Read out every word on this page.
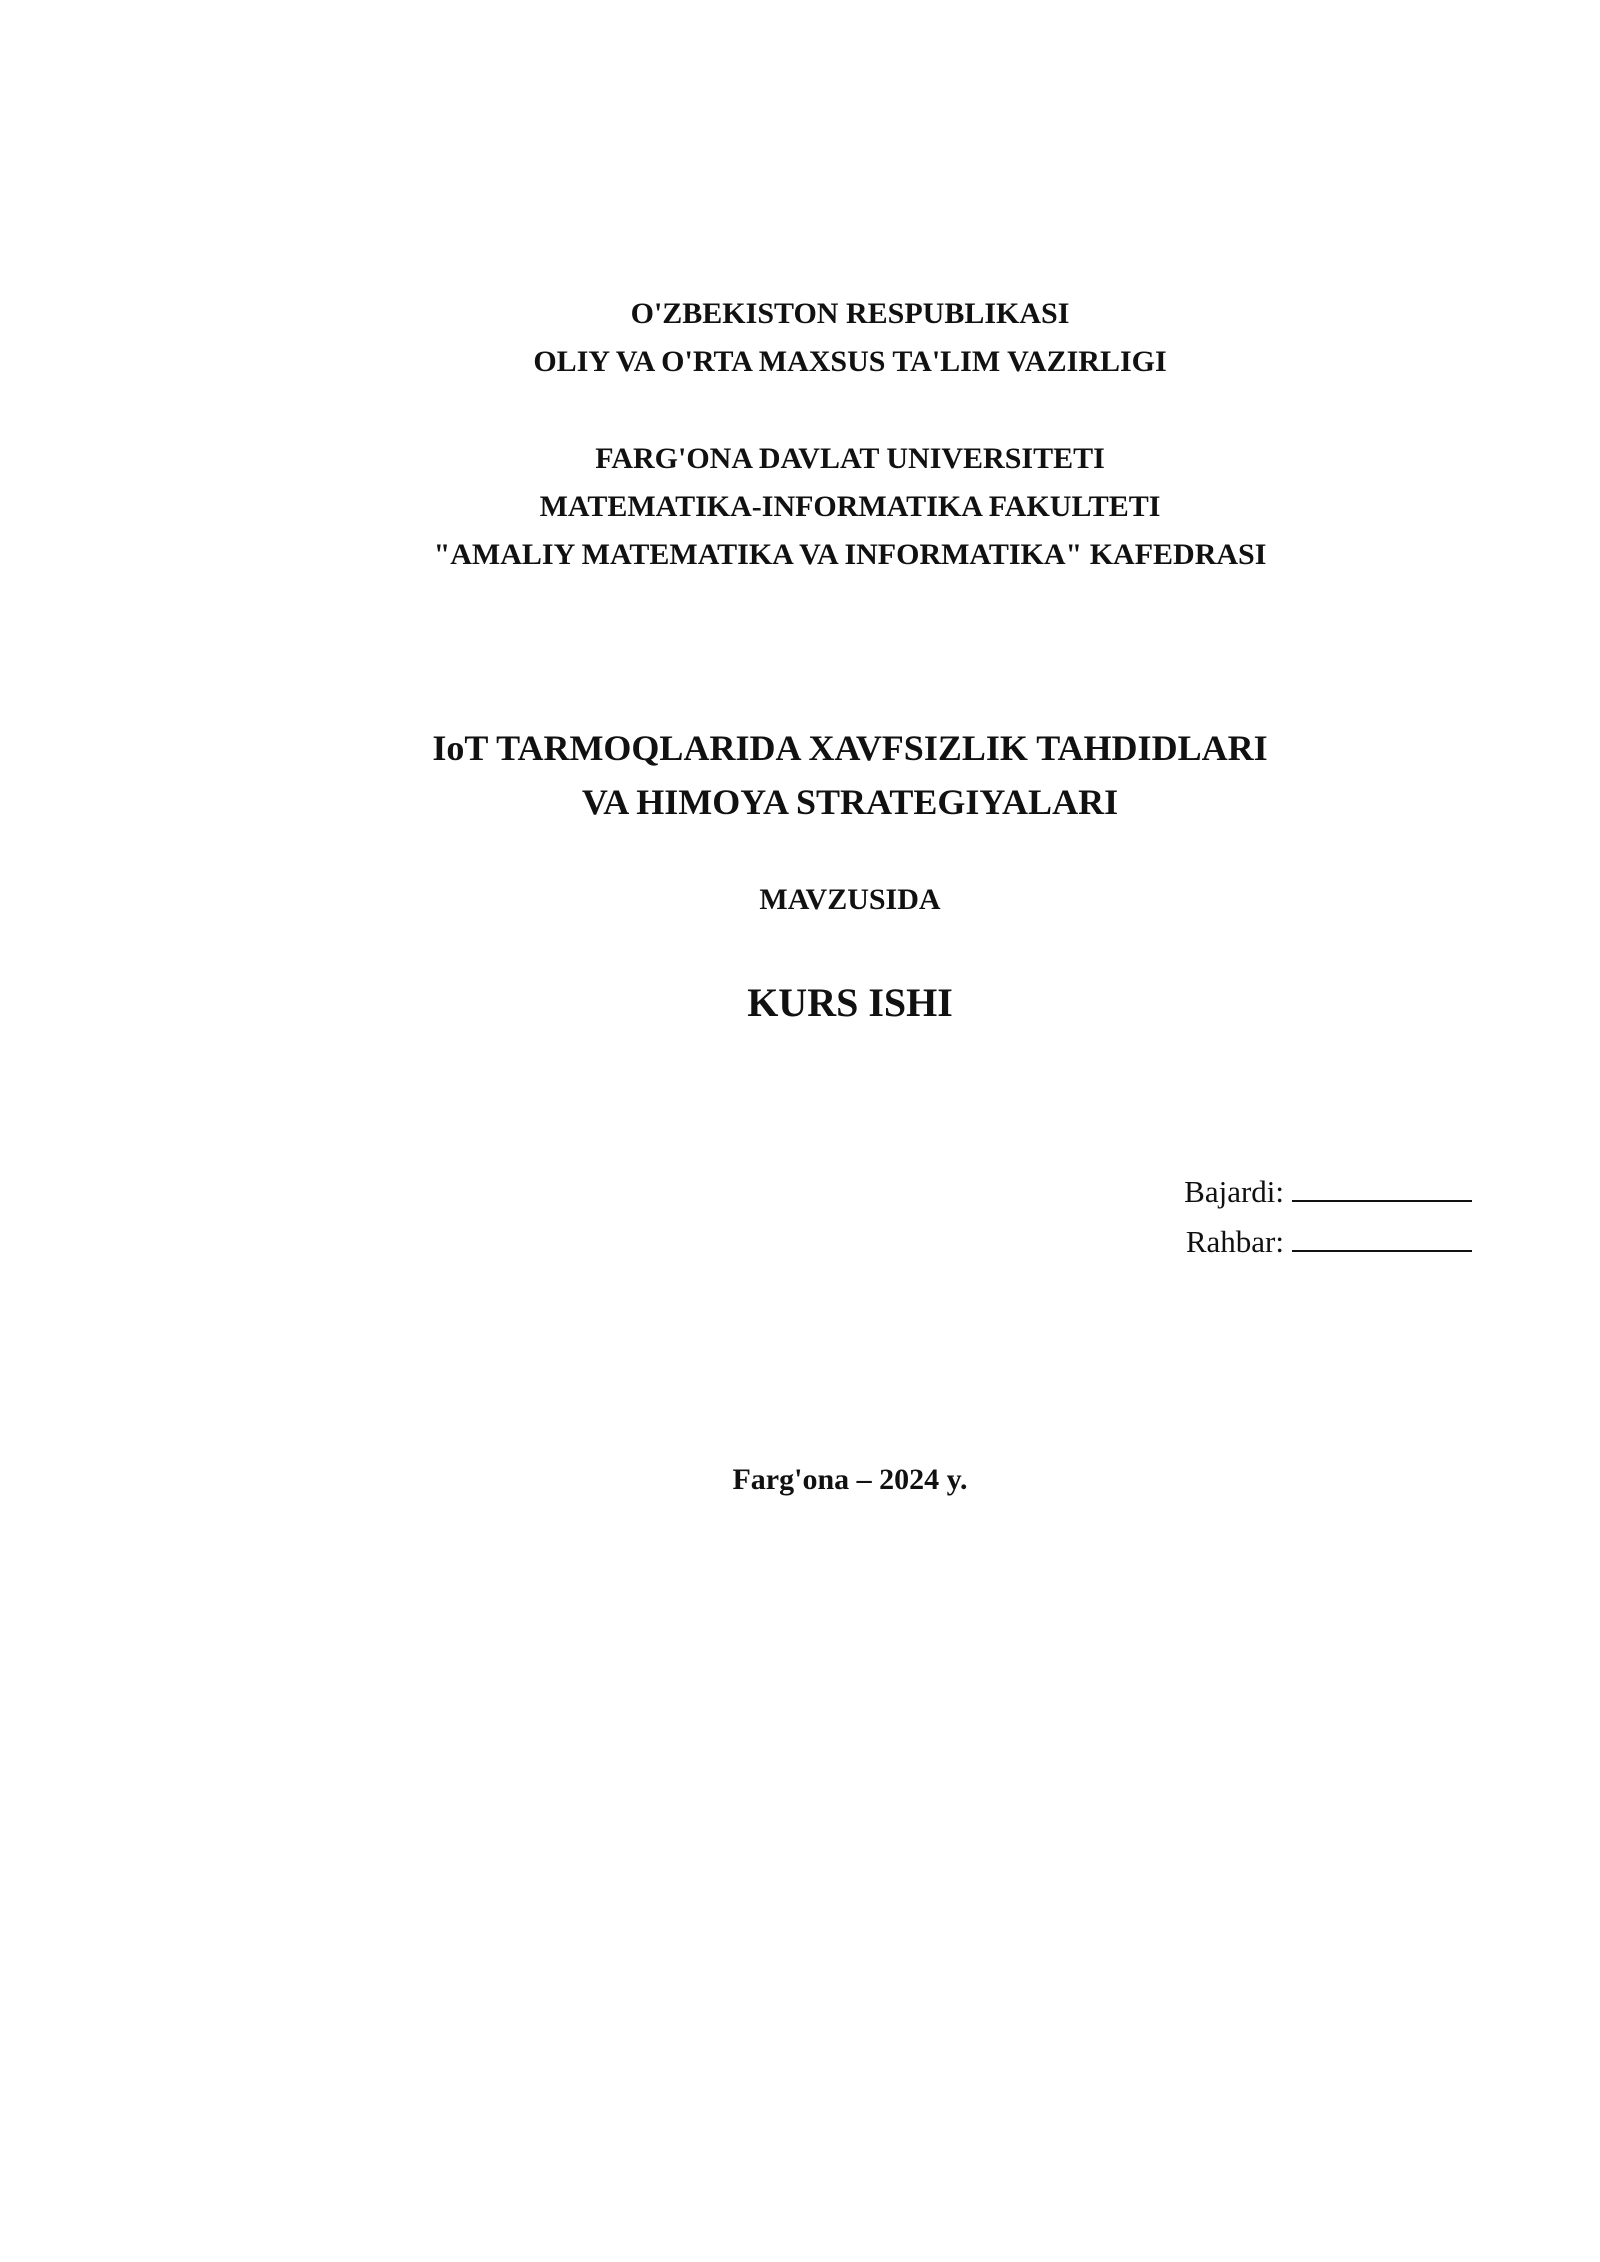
O'ZBEKISTON RESPUBLIKASI
OLIY VA O'RTA MAXSUS TA'LIM VAZIRLIGI
FARG'ONA DAVLAT UNIVERSITETI
MATEMATIKA-INFORMATIKA FAKULTETI
"AMALIY MATEMATIKA VA INFORMATIKA" KAFEDRASI
IoT TARMOQLARIDA XAVFSIZLIK TAHDIDLARI
VA HIMOYA STRATEGIYALARI
MAVZUSIDA
KURS ISHI
Bajardi:
Rahbar:
Farg'ona – 2024 y.
